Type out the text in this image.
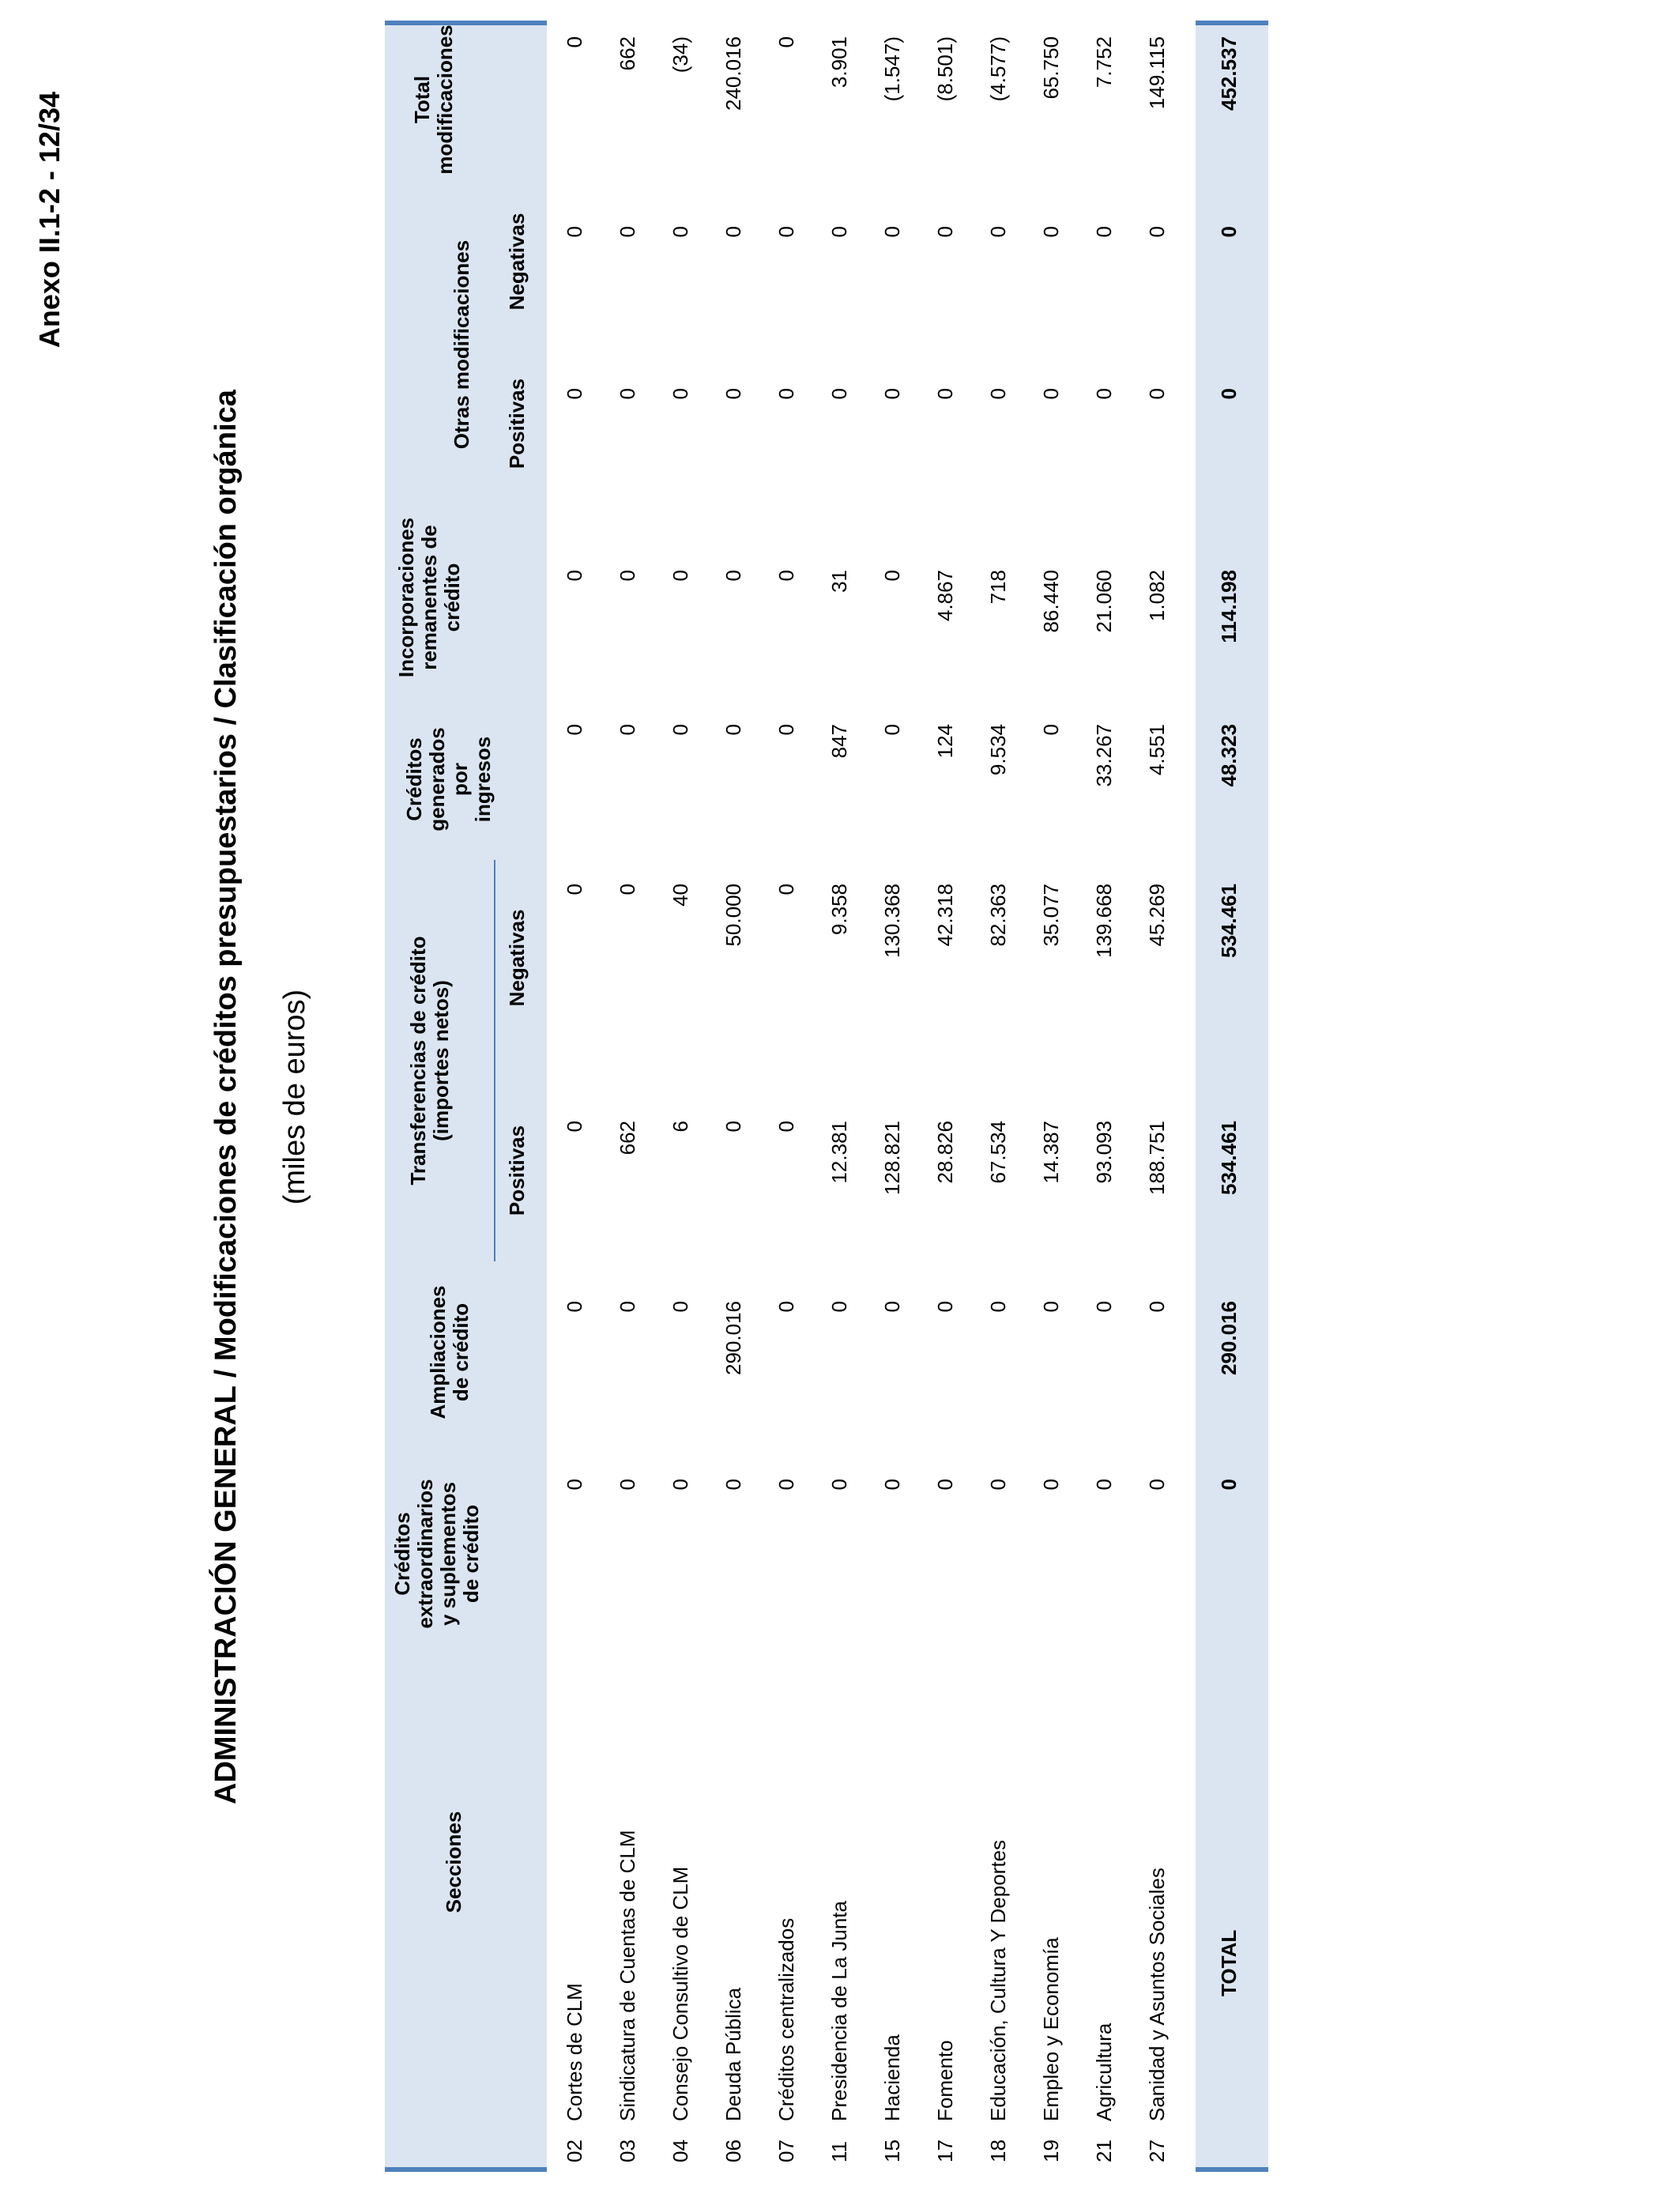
Anexo II.1-2 - 12/34
ADMINISTRACIÓN GENERAL / Modificaciones de créditos presupuestarios / Clasificación orgánica (miles de euros)
Secciones
Créditos extraordinarios y suplementos de crédito
Ampliaciones de crédito
Transferencias de crédito (importes netos)
Positivas
Negativas
Créditos generados por ingresos
Incorporaciones remanentes de crédito
Otras modificaciones Positivas
Negativas
Total modificaciones
02
Cortes de CLM
0
0
0
0
0
0
0
0
0
03
Sindicatura de Cuentas de CLM
0
0
662
0
0
0
0
0
662
04
Consejo Consultivo de CLM
0
0
6
40
0
0
0
0
(34)
06
Deuda Pública
0
290.016
0
50.000
0
0
0
0
240.016
07
Créditos centralizados
0
0
0
0
0
0
0
0
0
11
Presidencia de La Junta
0
0
12.381
9.358
847
31
0
0
3.901
15
Hacienda
0
0
128.821
130.368
0
0
0
0
(1.547)
17
Fomento
0
0
28.826
42.318
124
4.867
0
0
(8.501)
18
Educación, Cultura Y Deportes
0
0
67.534
82.363
9.534
718
0
0
(4.577)
19
Empleo y Economía
0
0
14.387
35.077
0
86.440
0
0
65.750
21
Agricultura
0
0
93.093
139.668
33.267
21.060
0
0
7.752
27
Sanidad y Asuntos Sociales
0
0
188.751
45.269
4.551
1.082
0
0
149.115
TOTAL
0
290.016
534.461
534.461
48.323
114.198
0
0
452.537
